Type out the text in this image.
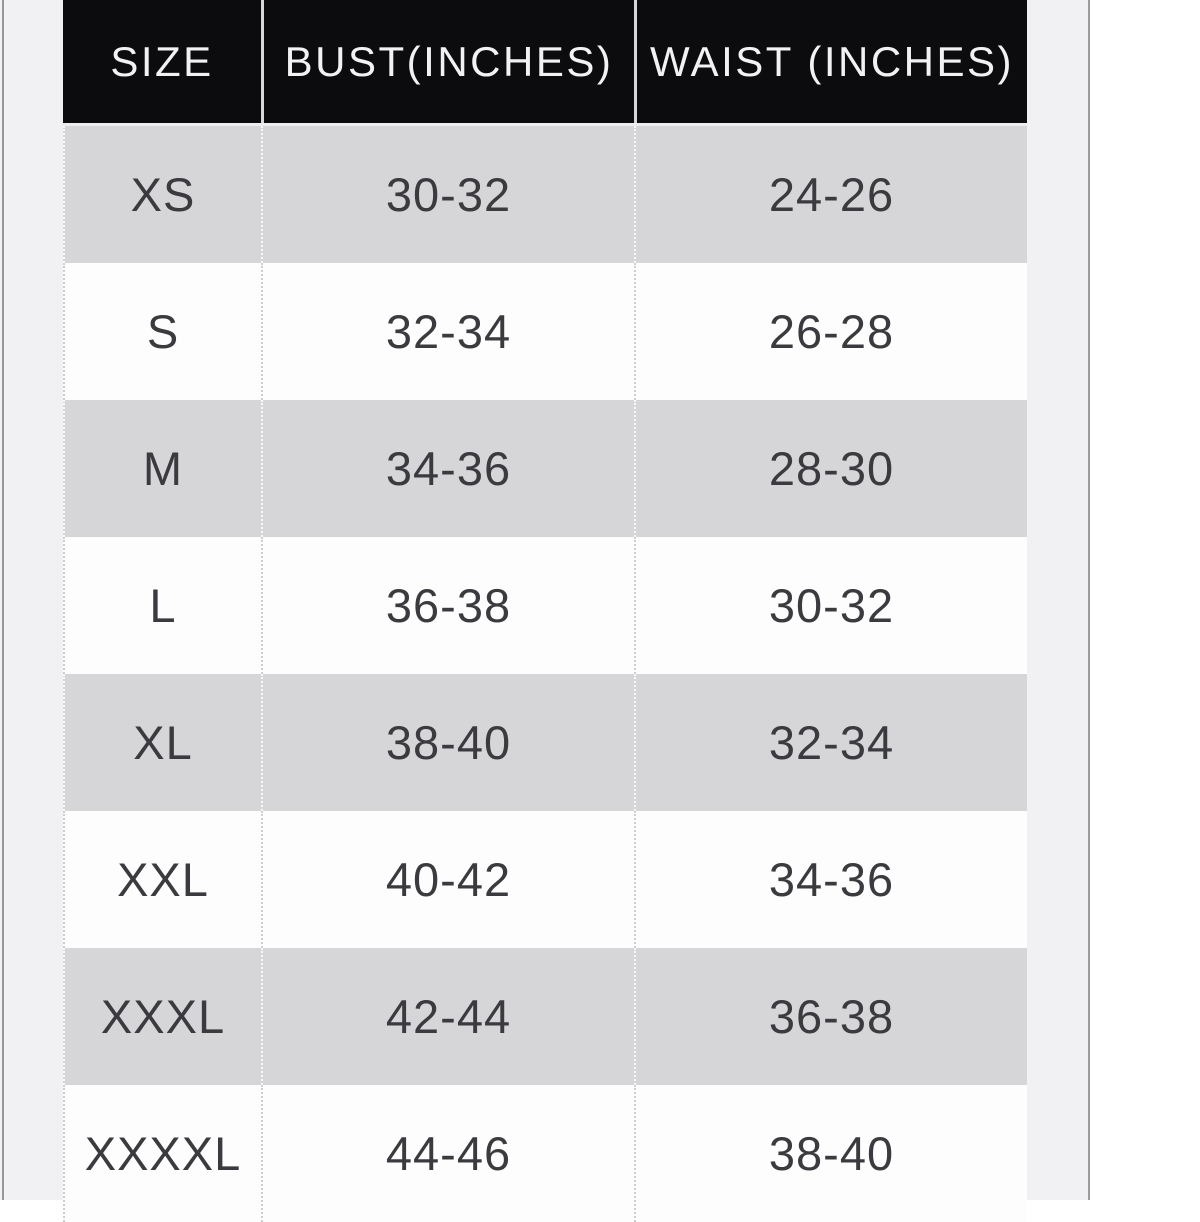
SIZE	BUST(INCHES) WAIST (INCHES)
XS	30-32	24-26
S	32-34	26-28
M	34-36	28-30
L	36-38	30-32
XL	38-40	32-34
XXL	40-42	34-36
XXXL	42-44	36-38
XXXXL	44-46	38-40
